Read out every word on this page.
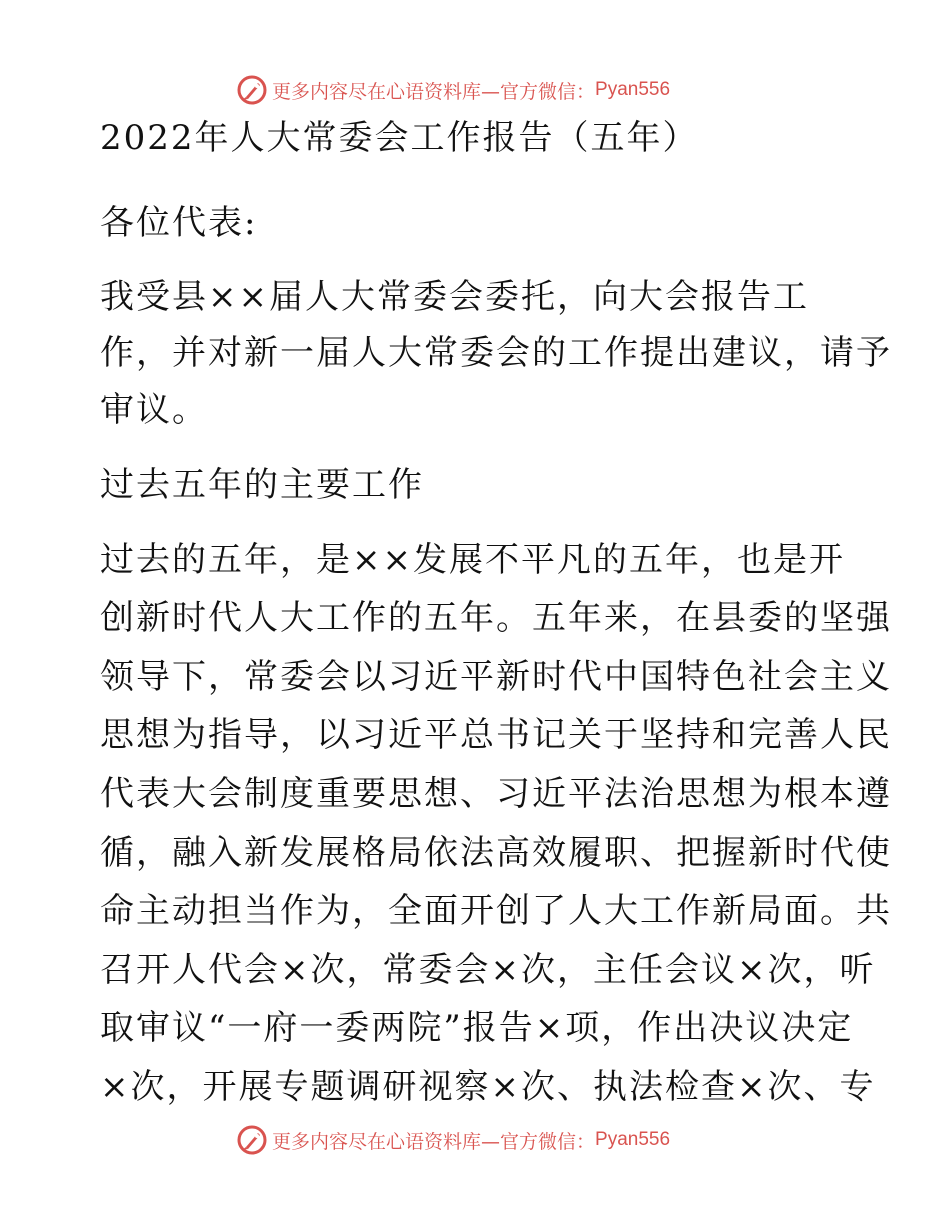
更多内容尽在心语资料库—官方微信： Pyan556

2022年人大常委会工作报告（五年）

各位代表:

我受县××届人大常委会委托，向大会报告工

作，并对新一届人大常委会的工作提出建议，请予

审议。

过去五年的主要工作

过去的五年，是××发展不平凡的五年，也是开

创新时代人大工作的五年。五年来，在县委的坚强

领导下，常委会以习近平新时代中国特色社会主义

思想为指导，以习近平总书记关于坚持和完善人民

代表大会制度重要思想、习近平法治思想为根本遵

循，融入新发展格局依法高效履职、把握新时代使

命主动担当作为，全面开创了人大工作新局面。共

召开人代会×次，常委会×次，主任会议×次，听

取审议“一府一委两院”报告×项，作出决议决定

×次，开展专题调研视察×次、执法检查×次、专

更多内容尽在心语资料库—官方微信： Pyan556
